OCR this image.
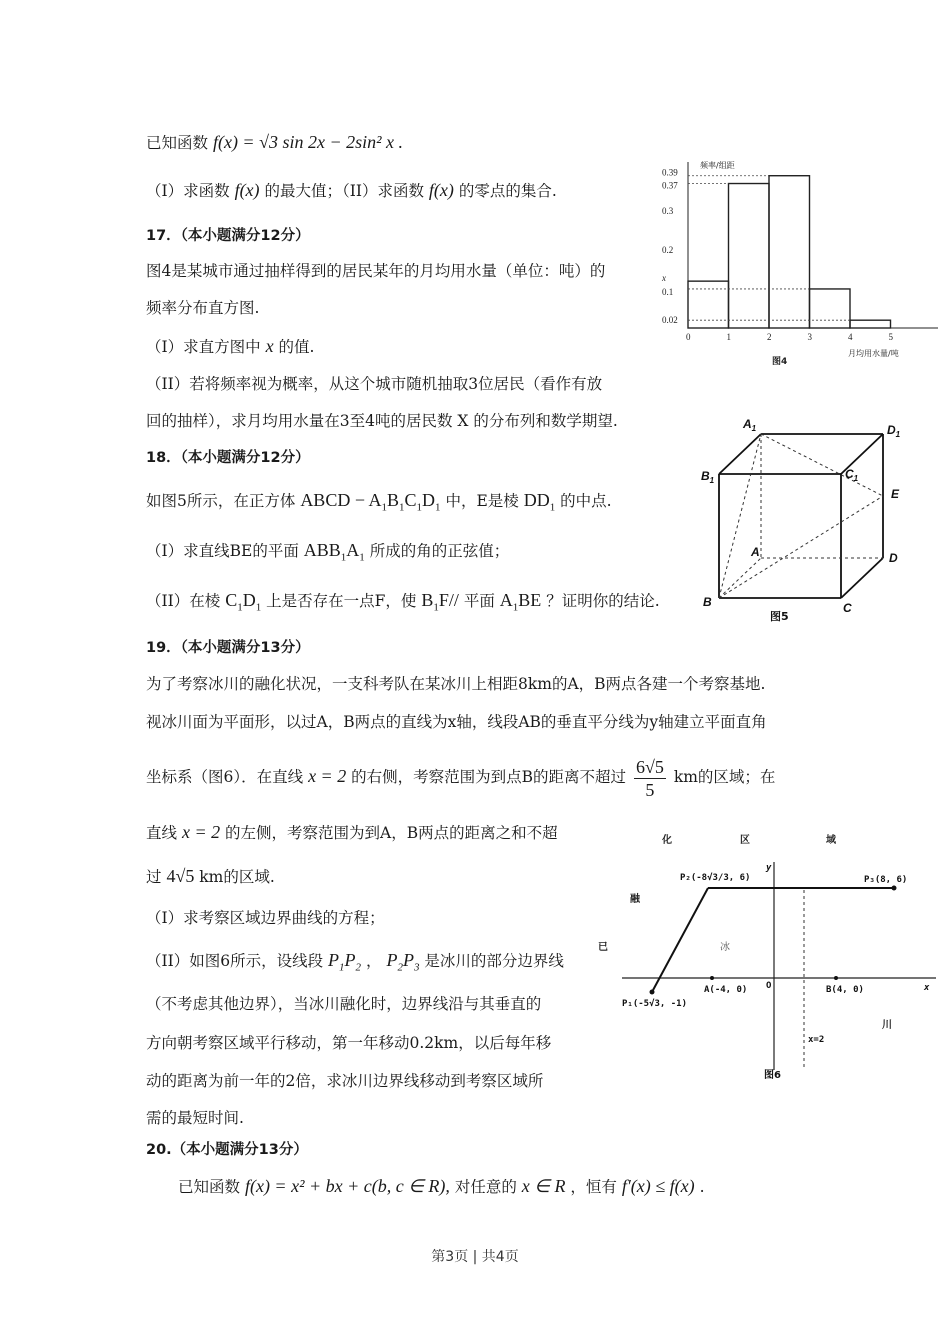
已知函数 f(x) = √3 sin 2x − 2sin² x .
（I）求函数 f(x) 的最大值；（II）求函数 f(x) 的零点的集合.
17．（本小题满分12分）
图4是某城市通过抽样得到的居民某年的月均用水量（单位：吨）的
频率分布直方图.
（I）求直方图中 x 的值.
（II）若将频率视为概率，从这个城市随机抽取3位居民（看作有放
回的抽样），求月均用水量在3至4吨的居民数 X 的分布列和数学期望.
频率/组距
月均用水量/吨
图4
0.02
0.1
x
0.2
0.3
0.37
0.39
0	1	2	3	4	5
18．（本小题满分12分）
如图5所示，在正方体 ABCD − $A_1B_1C_1D_1$ 中，E是棱 $DD_1$ 的中点.
（I）求直线BE的平面 $ABB_1A_1$ 所成的角的正弦值；
（II）在棱 $C_1D_1$ 上是否存在一点F，使 $B_1F//$ 平面 $A_1BE$ ？证明你的结论.
$A_1$	$D_1$
$B_1$	$C_1$
E
A	D
B	C
图5
19．（本小题满分13分）
为了考察冰川的融化状况，一支科考队在某冰川上相距8km的A，B两点各建一个考察基地.
视冰川面为平面形，以过A，B两点的直线为x轴，线段AB的垂直平分线为y轴建立平面直角
坐标系（图6）．在直线 x = 2 的右侧，考察范围为到点B的距离不超过 $\frac{6√5}{5}$ km的区域；在
直线 x = 2 的左侧，考察范围为到A，B两点的距离之和不超
过 4√5 km的区域.
（I）求考察区域边界曲线的方程；
（II）如图6所示，设线段 $P_1P_2$ ， $P_2P_3$ 是冰川的部分边界线
（不考虑其他边界），当冰川融化时，边界线沿与其垂直的
方向朝考察区域平行移动，第一年移动0.2km，以后每年移
动的距离为前一年的2倍，求冰川边界线移动到考察区域所
需的最短时间.
化	区	域
融
冰
已
川
P₁(-5√3, -1)
P₂(-8√3/3, 6)	P₃(8, 6)
A(-4, 0)	B(4, 0)
O	x
y
x=2
图6
20.（本小题满分13分）
已知函数 f(x) = x² + bx + c(b, c ∈ R), 对任意的 x ∈ R ，恒有 f′(x) ≤ f(x) .
第3页 | 共4页
